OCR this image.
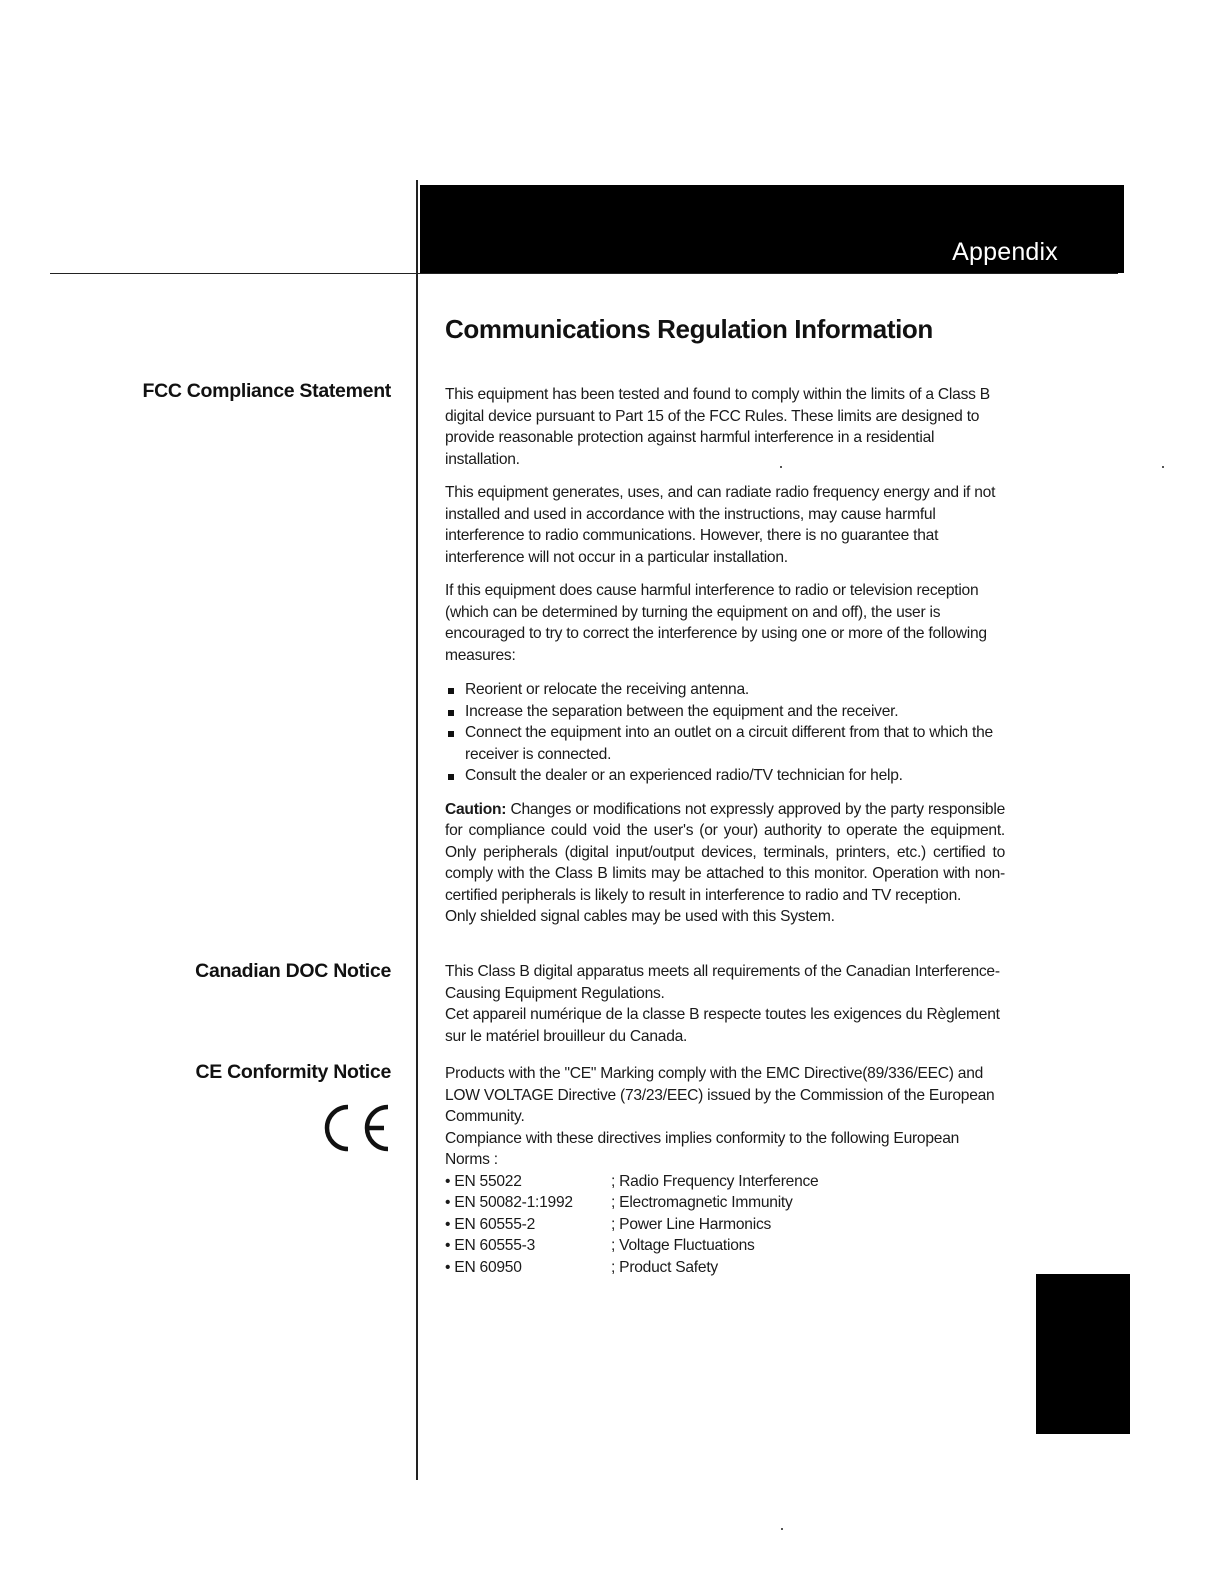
Appendix
Communications Regulation Information
FCC Compliance Statement
Canadian DOC Notice
CE Conformity Notice

This equipment has been tested and found to comply within the limits of a Class B digital device pursuant to Part 15 of the FCC Rules. These limits are designed to provide reasonable protection against harmful interference in a residential installation.

This equipment generates, uses, and can radiate radio frequency energy and if not installed and used in accordance with the instructions, may cause harmful interference to radio communications. However, there is no guarantee that interference will not occur in a particular installation.

If this equipment does cause harmful interference to radio or television reception (which can be determined by turning the equipment on and off), the user is encouraged to try to correct the interference by using one or more of the following measures:

Reorient or relocate the receiving antenna.
Increase the separation between the equipment and the receiver.
Connect the equipment into an outlet on a circuit different from that to which the receiver is connected.
Consult the dealer or an experienced radio/TV technician for help.

Caution: Changes or modifications not expressly approved by the party responsible for compliance could void the user's (or your) authority to operate the equipment. Only peripherals (digital input/output devices, terminals, printers, etc.) certified to comply with the Class B limits may be attached to this monitor. Operation with non-certified peripherals is likely to result in interference to radio and TV reception.

Only shielded signal cables may be used with this System.

This Class B digital apparatus meets all requirements of the Canadian Interference-Causing Equipment Regulations.

Cet appareil numérique de la classe B respecte toutes les exigences du Règlement sur le matériel brouilleur du Canada.

Products with the "CE" Marking comply with the EMC Directive(89/336/EEC) and LOW VOLTAGE Directive (73/23/EEC) issued by the Commission of the European Community.

Compiance with these directives implies conformity to the following European Norms :

• EN 55022	; Radio Frequency Interference
• EN 50082-1:1992	; Electromagnetic Immunity
• EN 60555-2	; Power Line Harmonics
• EN 60555-3	; Voltage Fluctuations
• EN 60950	; Product Safety
